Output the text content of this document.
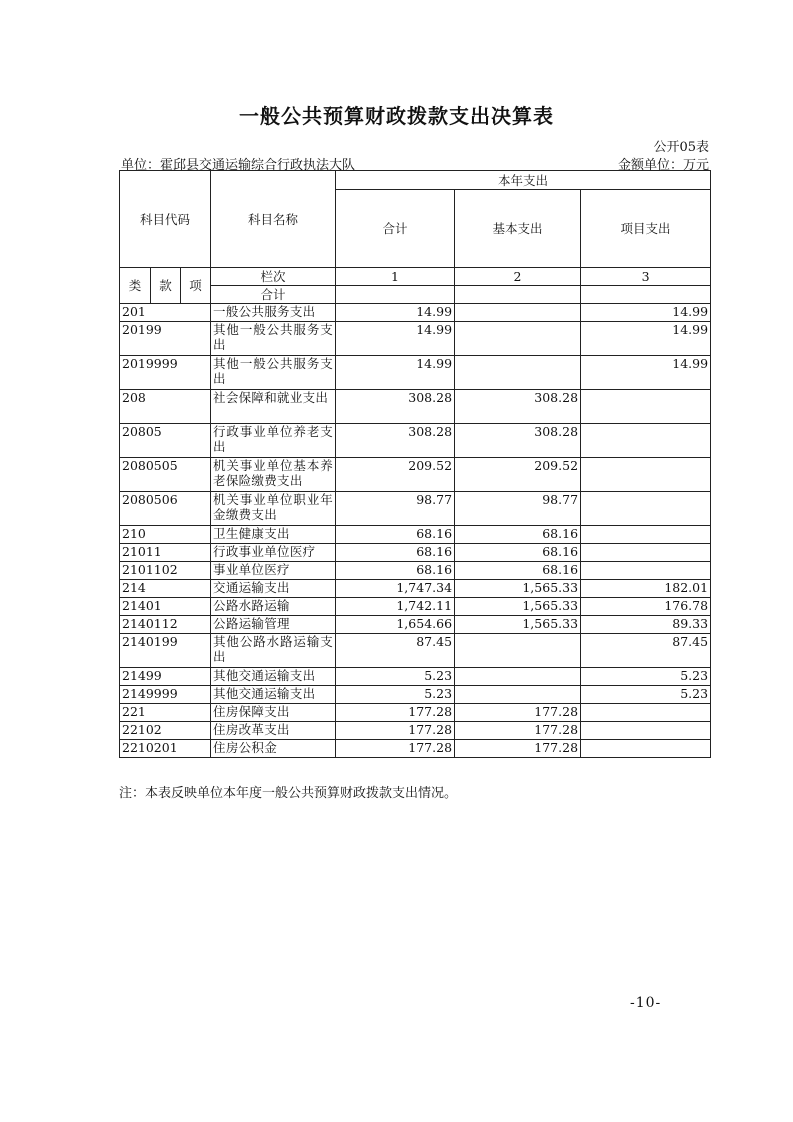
一般公共预算财政拨款支出决算表
公开05表
单位：霍邱县交通运输综合行政执法大队	金额单位：万元
科目代码			科目名称	本年支出		
				合计	基本支出	项目支出
类	款	项	栏次	1	2	3
			合计			
201			一般公共服务支出	14.99		14.99
20199			其他一般公共服务支出	14.99		14.99
2019999			其他一般公共服务支出	14.99		14.99
208			社会保障和就业支出	308.28	308.28	
20805			行政事业单位养老支出	308.28	308.28	
2080505			机关事业单位基本养老保险缴费支出	209.52	209.52	
2080506			机关事业单位职业年金缴费支出	98.77	98.77	
210			卫生健康支出	68.16	68.16	
21011			行政事业单位医疗	68.16	68.16	
2101102			事业单位医疗	68.16	68.16	
214			交通运输支出	1,747.34	1,565.33	182.01
21401			公路水路运输	1,742.11	1,565.33	176.78
2140112			公路运输管理	1,654.66	1,565.33	89.33
2140199			其他公路水路运输支出	87.45		87.45
21499			其他交通运输支出	5.23		5.23
2149999			其他交通运输支出	5.23		5.23
221			住房保障支出	177.28	177.28	
22102			住房改革支出	177.28	177.28	
2210201			住房公积金	177.28	177.28	
注：本表反映单位本年度一般公共预算财政拨款支出情况。
-10-
